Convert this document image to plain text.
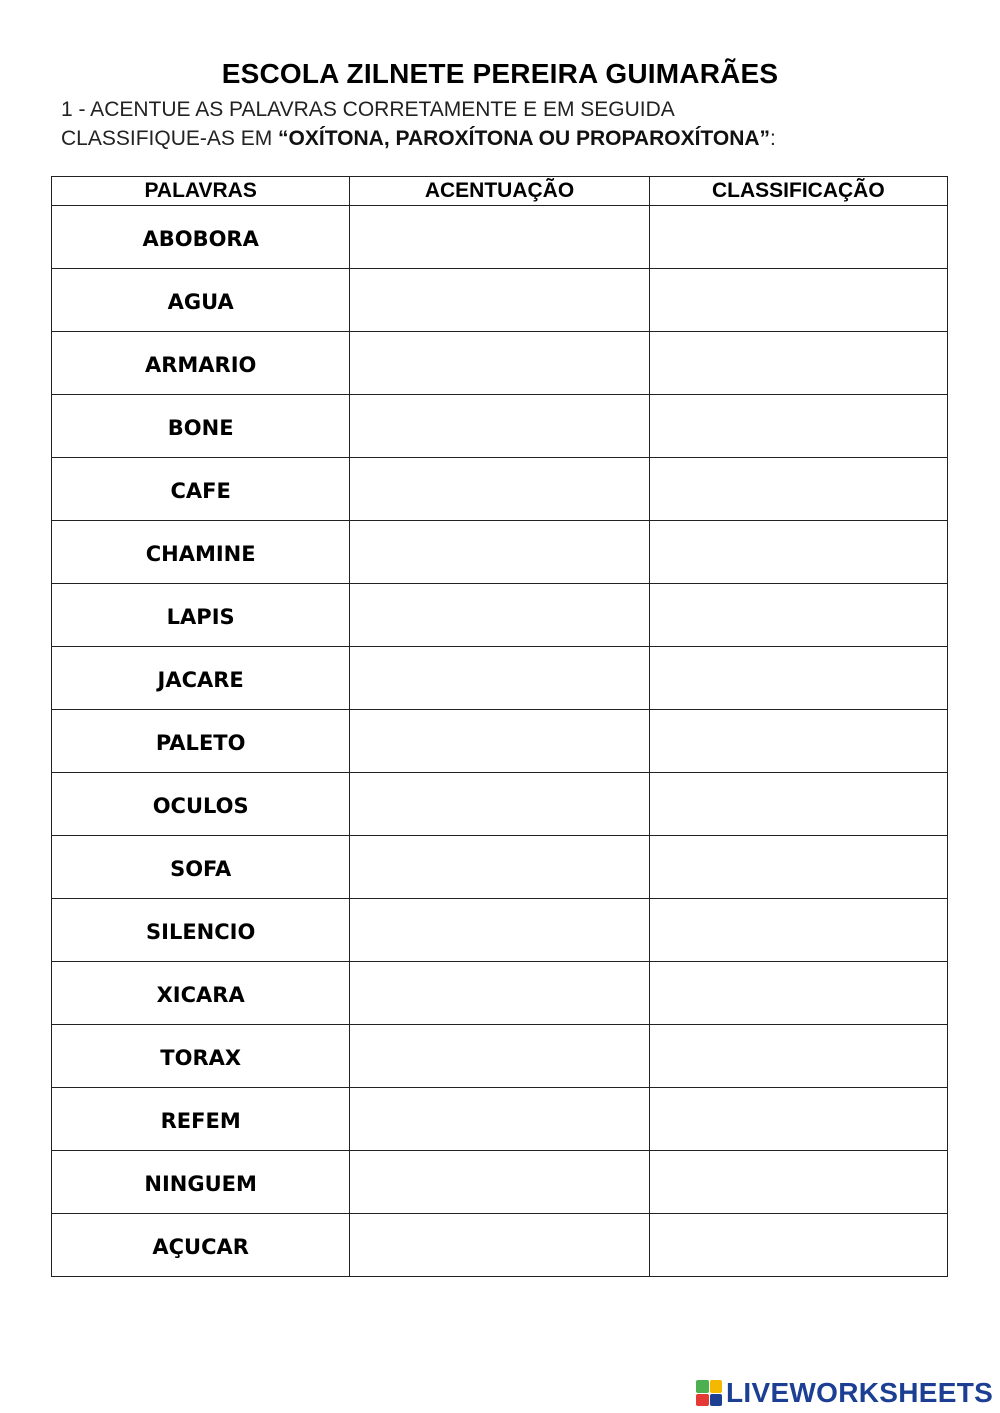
ESCOLA ZILNETE PEREIRA GUIMARÃES
1 - ACENTUE AS PALAVRAS CORRETAMENTE E EM SEGUIDA
CLASSIFIQUE-AS EM “OXÍTONA, PAROXÍTONA OU PROPAROXÍTONA”:
PALAVRAS	ACENTUAÇÃO	CLASSIFICAÇÃO
ABOBORA		
AGUA		
ARMARIO		
BONE		
CAFE		
CHAMINE		
LAPIS		
JACARE		
PALETO		
OCULOS		
SOFA		
SILENCIO		
XICARA		
TORAX		
REFEM		
NINGUEM		
AÇUCAR		
LIVEWORKSHEETS
